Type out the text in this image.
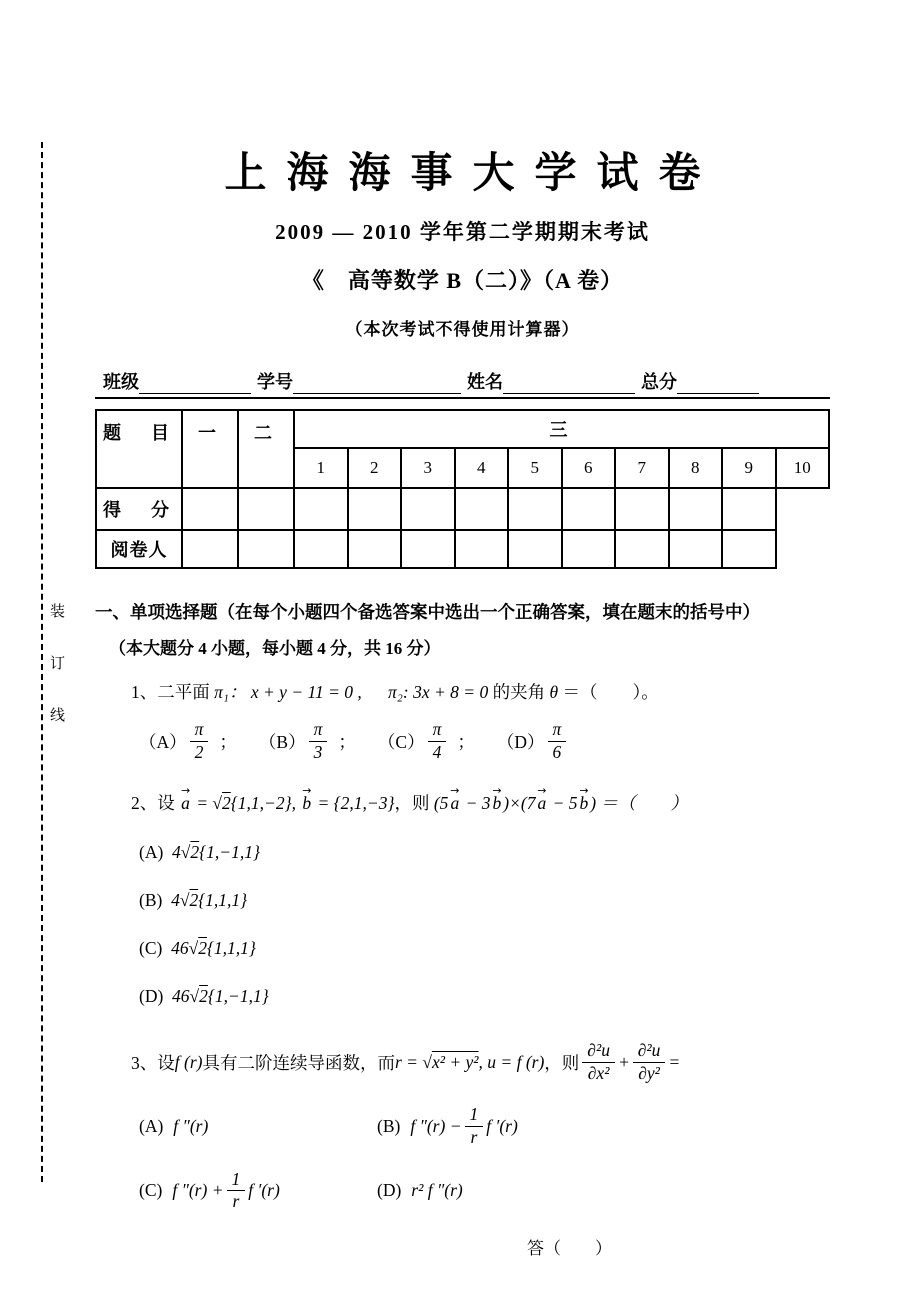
装
订
线
上海海事大学试卷
2009 — 2010 学年第二学期期末考试
《　高等数学 B（二）》（A 卷）
（本次考试不得使用计算器）
班级	学号	姓名	总分
题　目	一	二	三									
			1	2	3	4	5	6	7	8	9	10
得　分												
阅卷人												
一、单项选择题（在每个小题四个备选答案中选出一个正确答案，填在题末的括号中）
（本大题分 4 小题，每小题 4 分，共 16 分）
1、二平面 π₁： x + y − 11 = 0 , 　 π₂: 3x + 8 = 0 的夹角 θ ＝（　　）。
$(A) \frac{\pi}{2}$ ； $(B) \frac{\pi}{3}$ ； $(C) \frac{\pi}{4}$ ； $(D) \frac{\pi}{6}$
2、设 → a = √2{1,1,−2}, → b = {2,1,−3}，则 (5 → a − 3 → b )×(7 → a − 5 → b ) ＝（　　）
(A) 4√2{1,−1,1}
(B) 4√2{1,1,1}
(C) 46√2{1,1,1}
(D) 46√2{1,−1,1}
3、设 f (r) 具有二阶连续导函数，而 r = √ x² + y² , u = f (r) ，则 $\frac{\text{∂²u}}{\text{∂x²}} + \frac{\text{∂²u}}{\text{∂y²}}$ =
(A) f ″(r)	(B) f $''(r) - \frac{1}{r}$ f ′(r)
(C) f $''(r) + \frac{1}{r}$ f ′(r)	(D) r² f ″(r)
答（　　）
